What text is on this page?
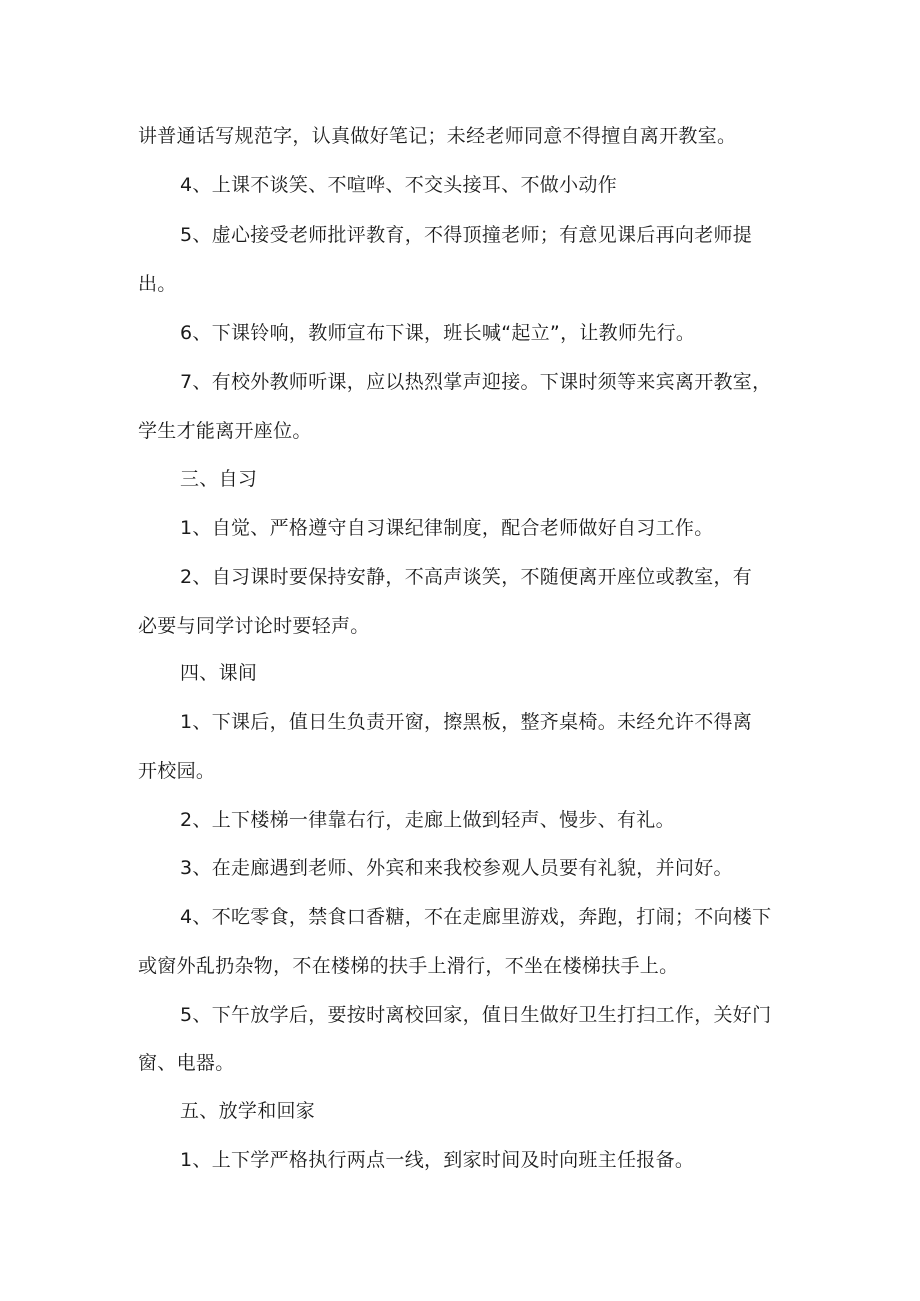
讲普通话写规范字，认真做好笔记；未经老师同意不得擅自离开教室。
4、上课不谈笑、不喧哗、不交头接耳、不做小动作
5、虚心接受老师批评教育，不得顶撞老师；有意见课后再向老师提
出。
6、下课铃响，教师宣布下课，班长喊“起立”，让教师先行。
7、有校外教师听课，应以热烈掌声迎接。下课时须等来宾离开教室，
学生才能离开座位。
三、自习
1、自觉、严格遵守自习课纪律制度，配合老师做好自习工作。
2、自习课时要保持安静，不高声谈笑，不随便离开座位或教室，有
必要与同学讨论时要轻声。
四、课间
1、下课后，值日生负责开窗，擦黑板，整齐桌椅。未经允许不得离
开校园。
2、上下楼梯一律靠右行，走廊上做到轻声、慢步、有礼。
3、在走廊遇到老师、外宾和来我校参观人员要有礼貌，并问好。
4、不吃零食，禁食口香糖，不在走廊里游戏，奔跑，打闹；不向楼下
或窗外乱扔杂物，不在楼梯的扶手上滑行，不坐在楼梯扶手上。
5、下午放学后，要按时离校回家，值日生做好卫生打扫工作，关好门
窗、电器。
五、放学和回家
1、上下学严格执行两点一线，到家时间及时向班主任报备。
